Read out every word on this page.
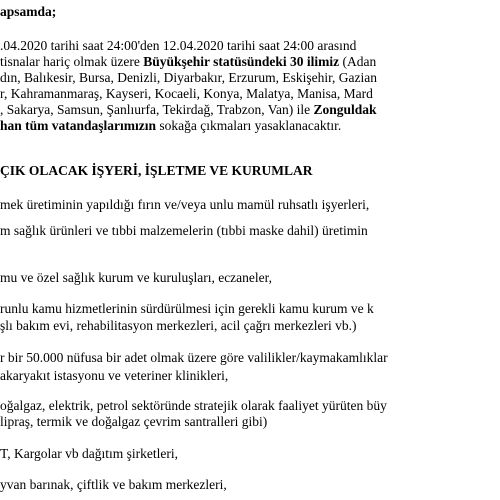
apsamda;
.04.2020 tarihi saat 24:00'den 12.04.2020 tarihi saat 24:00 arasınd
tisnalar hariç olmak üzere Büyükşehir statüsündeki 30 ilimiz (Adan
dın, Balıkesir, Bursa, Denizli, Diyarbakır, Erzurum, Eskişehir, Gazian
r, Kahramanmaraş, Kayseri, Kocaeli, Konya, Malatya, Manisa, Mard
, Sakarya, Samsun, Şanlıurfa, Tekirdağ, Trabzon, Van) ile Zonguldak
han tüm vatandaşlarımızın sokağa çıkmaları yasaklanacaktır.
ÇIK OLACAK İŞYERİ, İŞLETME VE KURUMLAR
mek üretiminin yapıldığı fırın ve/veya unlu mamül ruhsatlı işyerleri,
m sağlık ürünleri ve tıbbi malzemelerin (tıbbi maske dahil) üretimin
mu ve özel sağlık kurum ve kuruluşları, eczaneler,
runlu kamu hizmetlerinin sürdürülmesi için gerekli kamu kurum ve k
şlı bakım evi, rehabilitasyon merkezleri, acil çağrı merkezleri vb.)
r bir 50.000 nüfusa bir adet olmak üzere göre valilikler/kaymakamlıklar
akaryakıt istasyonu ve veteriner klinikleri,
oğalgaz, elektrik, petrol sektöründe stratejik olarak faaliyet yürüten büy
lipraş, termik ve doğalgaz çevrim santralleri gibi)
T, Kargolar vb dağıtım şirketleri,
yvan barınak, çiftlik ve bakım merkezleri,
